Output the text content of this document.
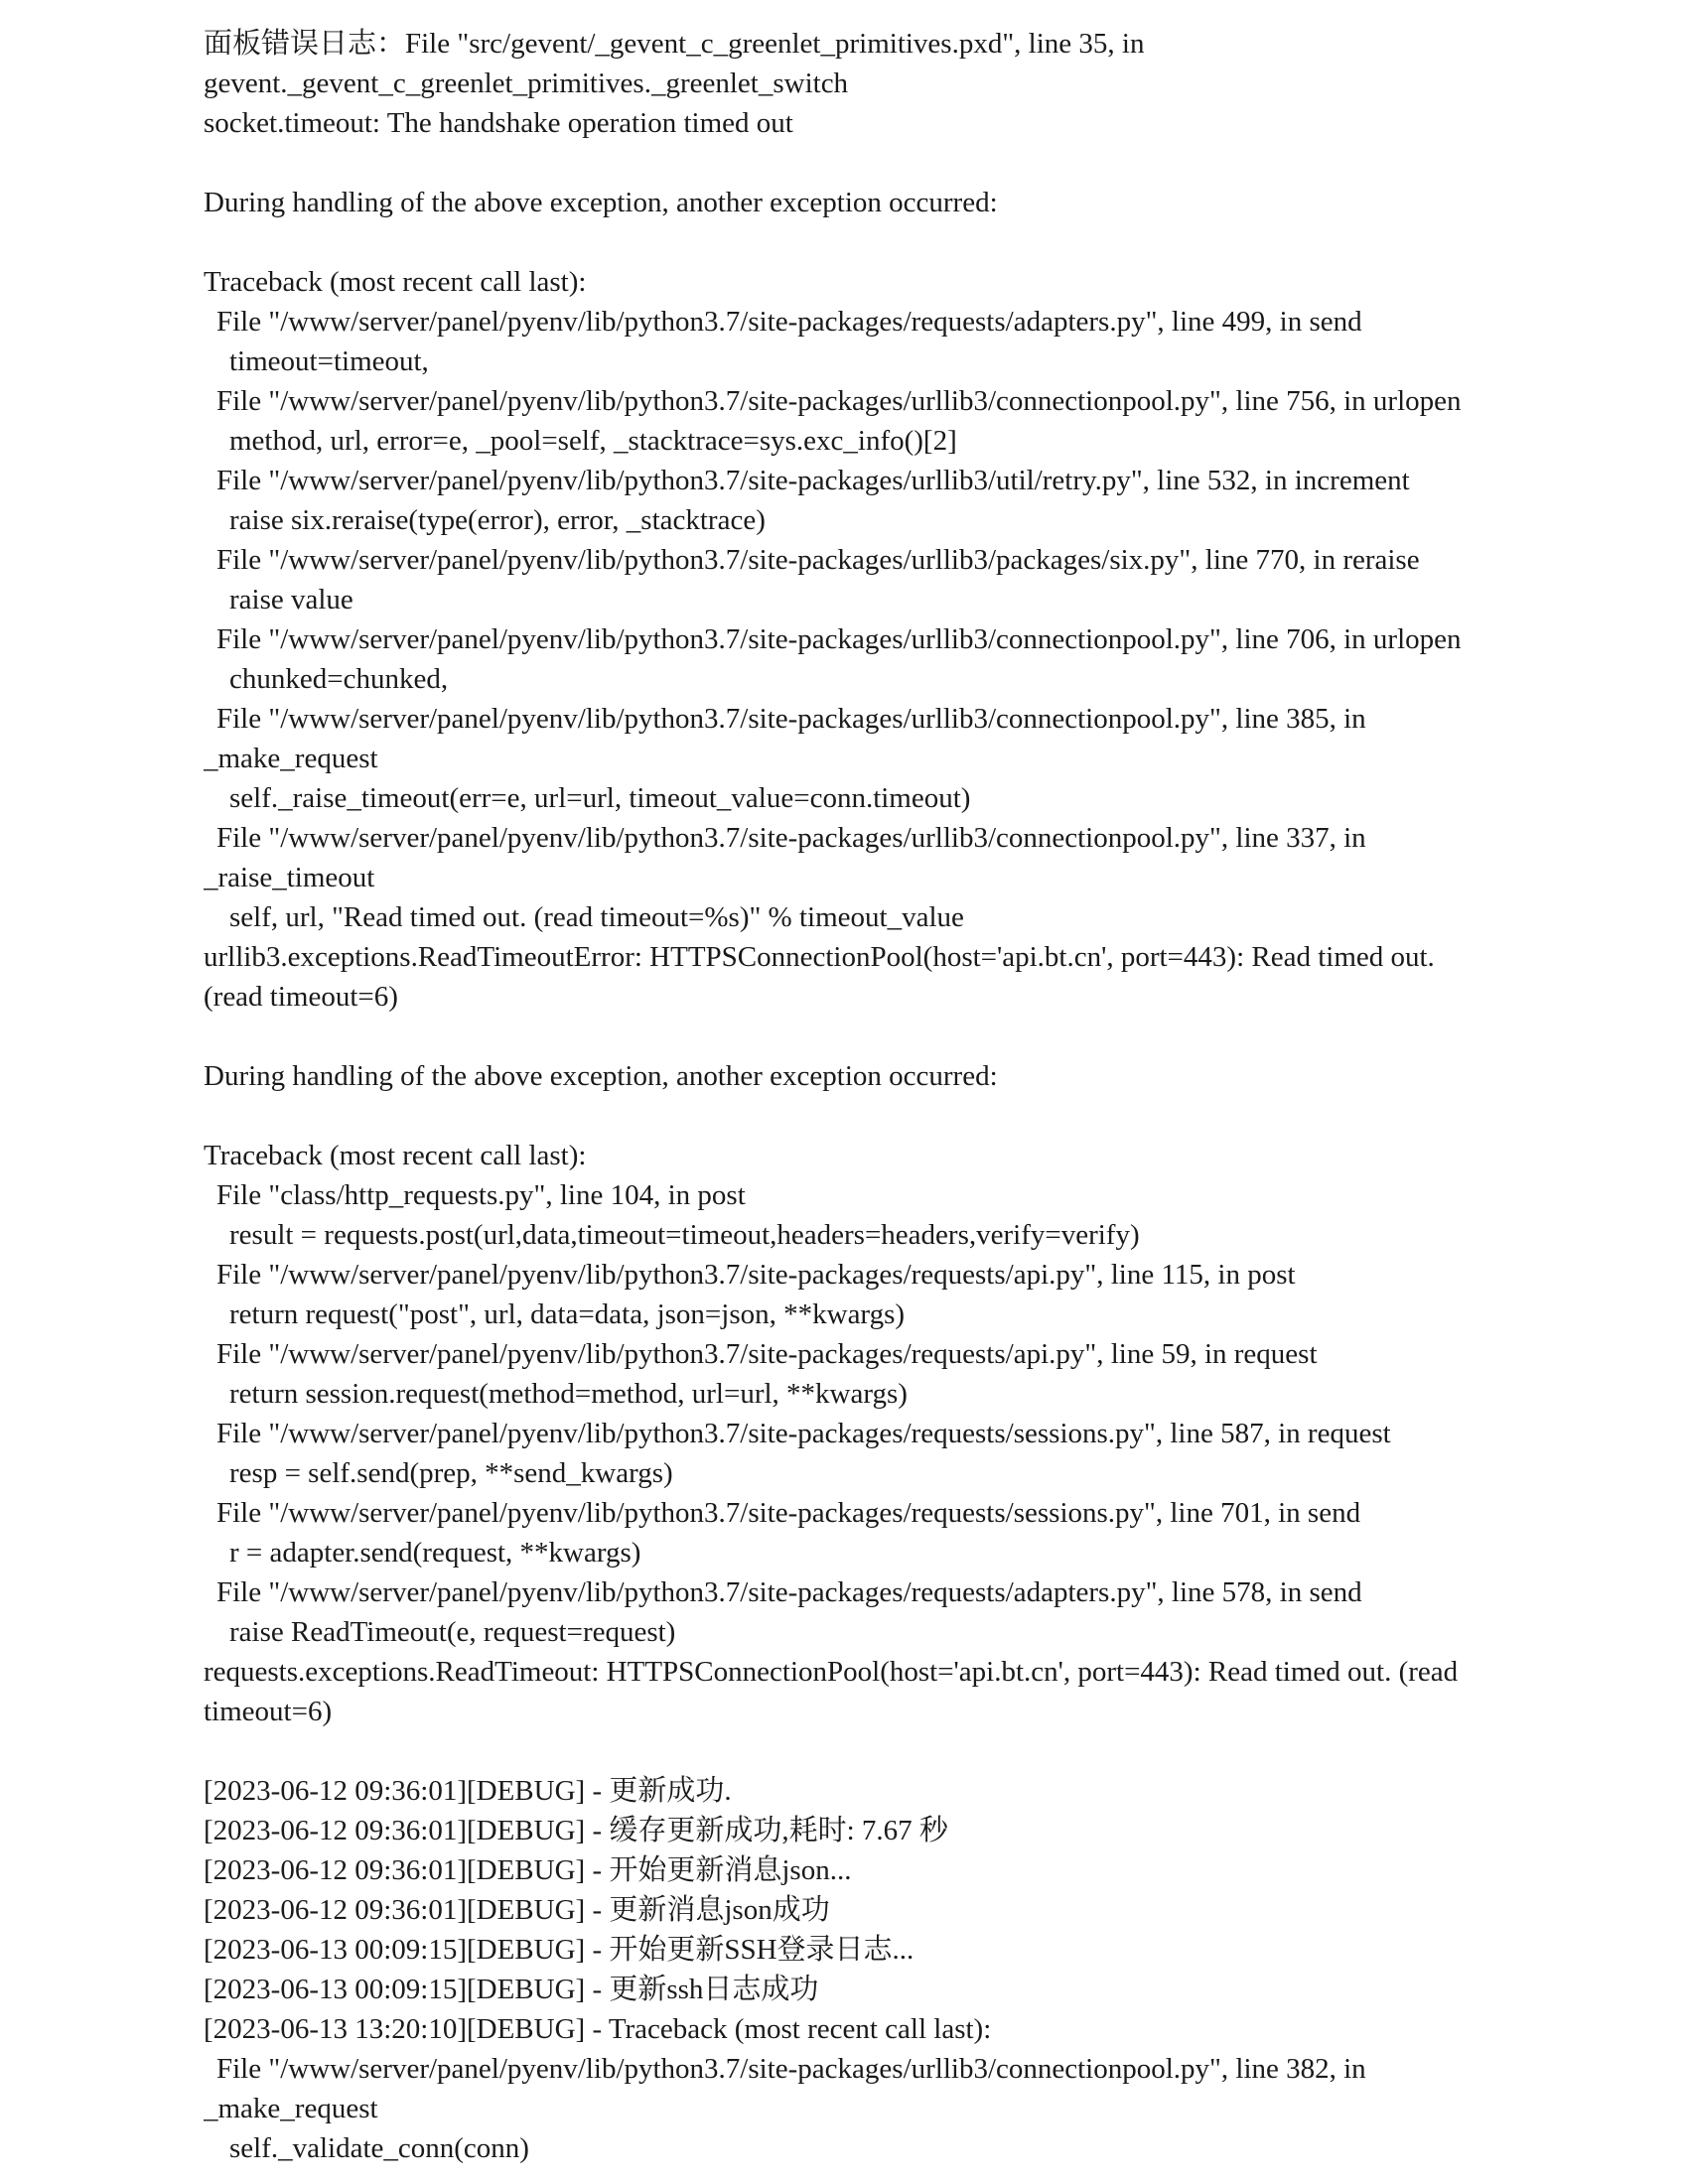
面板错误日志：File "src/gevent/_gevent_c_greenlet_primitives.pxd", line 35, in
gevent._gevent_c_greenlet_primitives._greenlet_switch
socket.timeout: The handshake operation timed out
During handling of the above exception, another exception occurred:
Traceback (most recent call last):
File "/www/server/panel/pyenv/lib/python3.7/site-packages/requests/adapters.py", line 499, in send
timeout=timeout,
File "/www/server/panel/pyenv/lib/python3.7/site-packages/urllib3/connectionpool.py", line 756, in urlopen
method, url, error=e, _pool=self, _stacktrace=sys.exc_info()[2]
File "/www/server/panel/pyenv/lib/python3.7/site-packages/urllib3/util/retry.py", line 532, in increment
raise six.reraise(type(error), error, _stacktrace)
File "/www/server/panel/pyenv/lib/python3.7/site-packages/urllib3/packages/six.py", line 770, in reraise
raise value
File "/www/server/panel/pyenv/lib/python3.7/site-packages/urllib3/connectionpool.py", line 706, in urlopen
chunked=chunked,
File "/www/server/panel/pyenv/lib/python3.7/site-packages/urllib3/connectionpool.py", line 385, in
_make_request
self._raise_timeout(err=e, url=url, timeout_value=conn.timeout)
File "/www/server/panel/pyenv/lib/python3.7/site-packages/urllib3/connectionpool.py", line 337, in
_raise_timeout
self, url, "Read timed out. (read timeout=%s)" % timeout_value
urllib3.exceptions.ReadTimeoutError: HTTPSConnectionPool(host='api.bt.cn', port=443): Read timed out.
(read timeout=6)
During handling of the above exception, another exception occurred:
Traceback (most recent call last):
File "class/http_requests.py", line 104, in post
result = requests.post(url,data,timeout=timeout,headers=headers,verify=verify)
File "/www/server/panel/pyenv/lib/python3.7/site-packages/requests/api.py", line 115, in post
return request("post", url, data=data, json=json, **kwargs)
File "/www/server/panel/pyenv/lib/python3.7/site-packages/requests/api.py", line 59, in request
return session.request(method=method, url=url, **kwargs)
File "/www/server/panel/pyenv/lib/python3.7/site-packages/requests/sessions.py", line 587, in request
resp = self.send(prep, **send_kwargs)
File "/www/server/panel/pyenv/lib/python3.7/site-packages/requests/sessions.py", line 701, in send
r = adapter.send(request, **kwargs)
File "/www/server/panel/pyenv/lib/python3.7/site-packages/requests/adapters.py", line 578, in send
raise ReadTimeout(e, request=request)
requests.exceptions.ReadTimeout: HTTPSConnectionPool(host='api.bt.cn', port=443): Read timed out. (read
timeout=6)
[2023-06-12 09:36:01][DEBUG] - 更新成功.
[2023-06-12 09:36:01][DEBUG] - 缓存更新成功,耗时: 7.67 秒
[2023-06-12 09:36:01][DEBUG] - 开始更新消息json...
[2023-06-12 09:36:01][DEBUG] - 更新消息json成功
[2023-06-13 00:09:15][DEBUG] - 开始更新SSH登录日志...
[2023-06-13 00:09:15][DEBUG] - 更新ssh日志成功
[2023-06-13 13:20:10][DEBUG] - Traceback (most recent call last):
File "/www/server/panel/pyenv/lib/python3.7/site-packages/urllib3/connectionpool.py", line 382, in
_make_request
self._validate_conn(conn)
